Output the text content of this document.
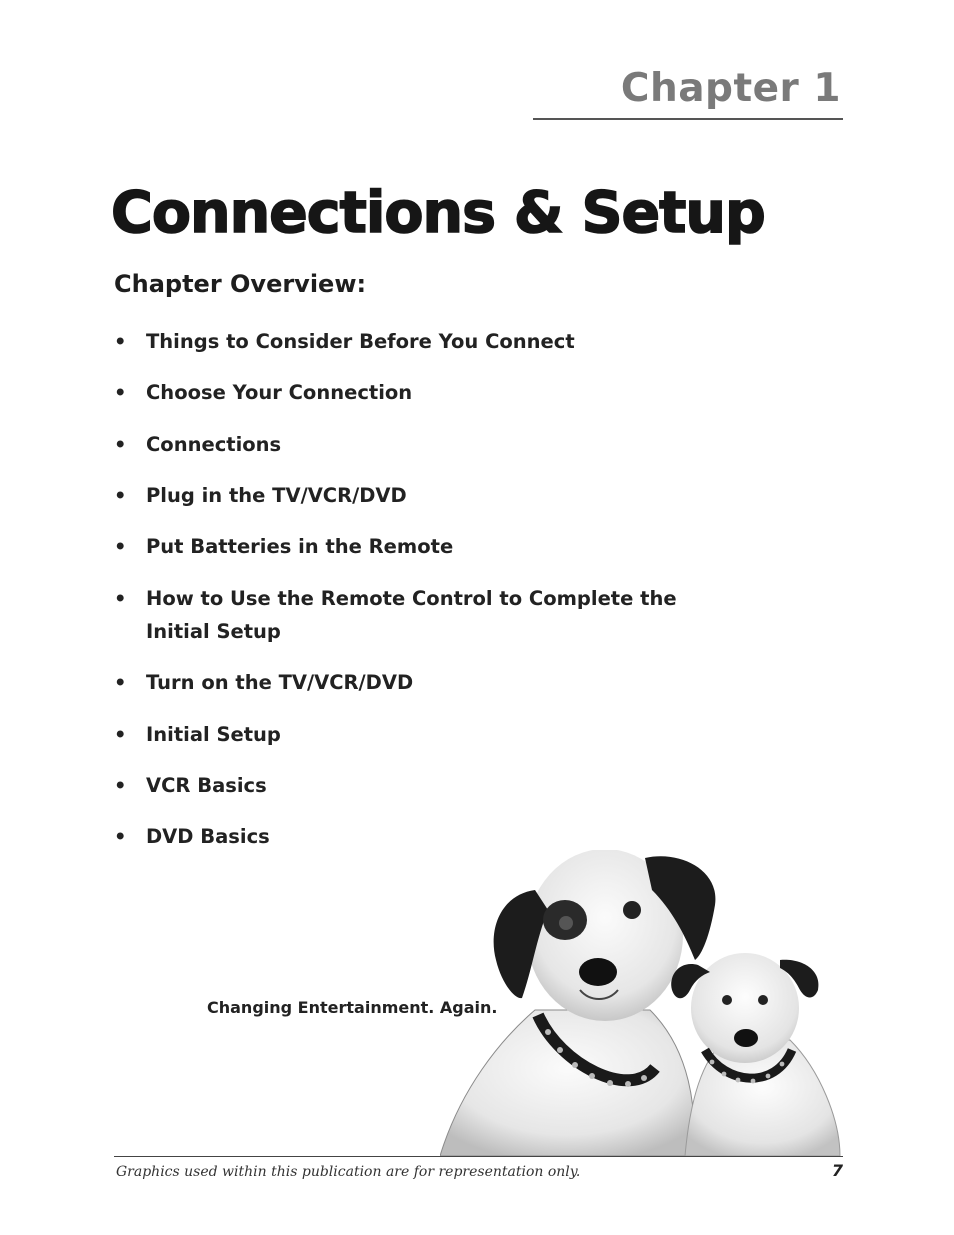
Chapter 1
Connections & Setup
Chapter Overview:
•	Things to Consider Before You Connect
•	Choose Your Connection
•	Connections
•	Plug in the TV/VCR/DVD
•	Put Batteries in the Remote
•	How to Use the Remote Control to Complete the
Initial Setup
•	Turn on the TV/VCR/DVD
•	Initial Setup
•	VCR Basics
•	DVD Basics
Changing Entertainment. Again.
Graphics used within this publication are for representation only.	7
